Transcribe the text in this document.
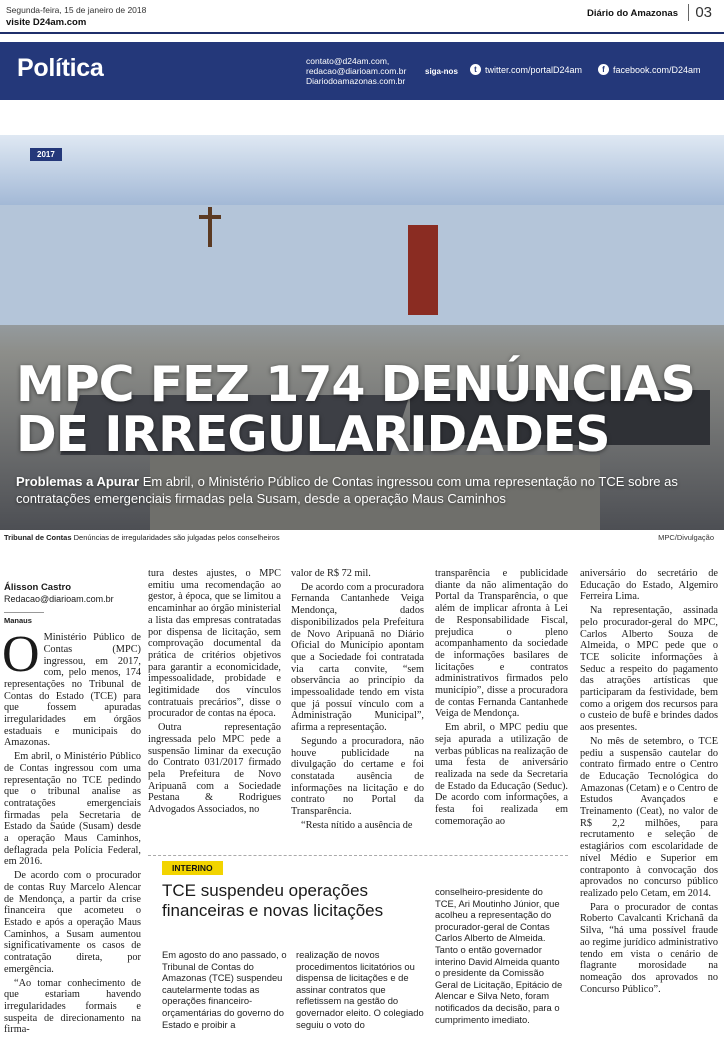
Segunda-feira, 15 de janeiro de 2018
visite D24am.com
Diário do Amazonas	03
Política	contato@d24am.com,
redacao@diarioam.com.br
Diariodoamazonas.com.br
siga-nos	t twitter.com/portalD24am	f facebook.com/D24am
2017
MPC FEZ 174 DENÚNCIAS
DE IRREGULARIDADES
Problemas a Apurar Em abril, o Ministério Público de Contas ingressou com uma representação no TCE sobre as contratações emergenciais firmadas pela Susam, desde a operação Maus Caminhos
Tribunal de Contas Denúncias de irregularidades são julgadas pelos conselheiros	MPC/Divulgação
Álisson Castro
Redacao@diarioam.com.br
Manaus

O Ministério Público de Contas (MPC) ingressou, em 2017, com, pelo menos, 174 representações no Tribunal de Contas do Estado (TCE) para que fossem apuradas irregularidades em órgãos estaduais e municipais do Amazonas.

Em abril, o Ministério Público de Contas ingressou com uma representação no TCE pedindo que o tribunal analise as contratações emergenciais firmadas pela Secretaria de Estado da Saúde (Susam) desde a operação Maus Caminhos, deflagrada pela Polícia Federal, em 2016.

De acordo com o procurador de contas Ruy Marcelo Alencar de Mendonça, a partir da crise financeira que acometeu o Estado e após a operação Maus Caminhos, a Susam aumentou significativamente os casos de contratação direta, por emergência.

“Ao tomar conhecimento de que estariam havendo irregularidades formais e suspeita de direcionamento na firma-

tura destes ajustes, o MPC emitiu uma recomendação ao gestor, à época, que se limitou a encaminhar ao órgão ministerial a lista das empresas contratadas por dispensa de licitação, sem comprovação documental da prática de critérios objetivos para garantir a economicidade, impessoalidade, probidade e legitimidade dos vínculos contratuais precários”, disse o procurador de contas na época.

Outra representação ingressada pelo MPC pede a suspensão liminar da execução do Contrato 031/2017 firmado pela Prefeitura de Novo Aripuanã com a Sociedade Pestana & Rodrigues Advogados Associados, no

valor de R$ 72 mil.

De acordo com a procuradora Fernanda Cantanhede Veiga Mendonça, dados disponibilizados pela Prefeitura de Novo Aripuanã no Diário Oficial do Município apontam que a Sociedade foi contratada via carta convite, “sem observância ao princípio da impessoalidade tendo em vista que já possuí vínculo com a Administração Municipal”, afirma a representação.

Segundo a procuradora, não houve publicidade na divulgação do certame e foi constatada ausência de informações na licitação e do contrato no Portal da Transparência.

“Resta nítido a ausência de

transparência e publicidade diante da não alimentação do Portal da Transparência, o que além de implicar afronta à Lei de Responsabilidade Fiscal, prejudica o pleno acompanhamento da sociedade de informações basilares de licitações e contratos administrativos firmados pelo município”, disse a procuradora de contas Fernanda Cantanhede Veiga de Mendonça.

Em abril, o MPC pediu que seja apurada a utilização de verbas públicas na realização de uma festa de aniversário realizada na sede da Secretaria de Estado da Educação (Seduc). De acordo com informações, a festa foi realizada em comemoração ao

aniversário do secretário de Educação do Estado, Algemiro Ferreira Lima.

Na representação, assinada pelo procurador-geral do MPC, Carlos Alberto Souza de Almeida, o MPC pede que o TCE solicite informações à Seduc a respeito do pagamento das atrações artísticas que participaram da festividade, bem como a origem dos recursos para o custeio de bufê e brindes dados aos presentes.

No mês de setembro, o TCE pediu a suspensão cautelar do contrato firmado entre o Centro de Educação Tecnológica do Amazonas (Cetam) e o Centro de Estudos Avançados e Treinamento (Ceat), no valor de R$ 2,2 milhões, para recrutamento e seleção de estagiários com escolaridade de nível Médio e Superior em contraponto à convocação dos aprovados no concurso público realizado pelo Cetam, em 2014.

Para o procurador de contas Roberto Cavalcanti Krichanã da Silva, “há uma possível fraude ao regime jurídico administrativo tendo em vista o cenário de flagrante morosidade na nomeação dos aprovados no Concurso Público”.

INTERINO
TCE suspendeu operações financeiras e novas licitações
Em agosto do ano passado, o Tribunal de Contas do Amazonas (TCE) suspendeu cautelarmente todas as operações financeiro-orçamentárias do governo do Estado e proibir a
realização de novos procedimentos licitatórios ou dispensa de licitações e de assinar contratos que refletissem na gestão do governador eleito. O colegiado seguiu o voto do
conselheiro-presidente do TCE, Ari Moutinho Júnior, que acolheu a representação do procurador-geral de Contas Carlos Alberto de Almeida. Tanto o então governador interino David Almeida quanto o presidente da Comissão Geral de Licitação, Epitácio de Alencar e Silva Neto, foram notificados da decisão, para o cumprimento imediato.
